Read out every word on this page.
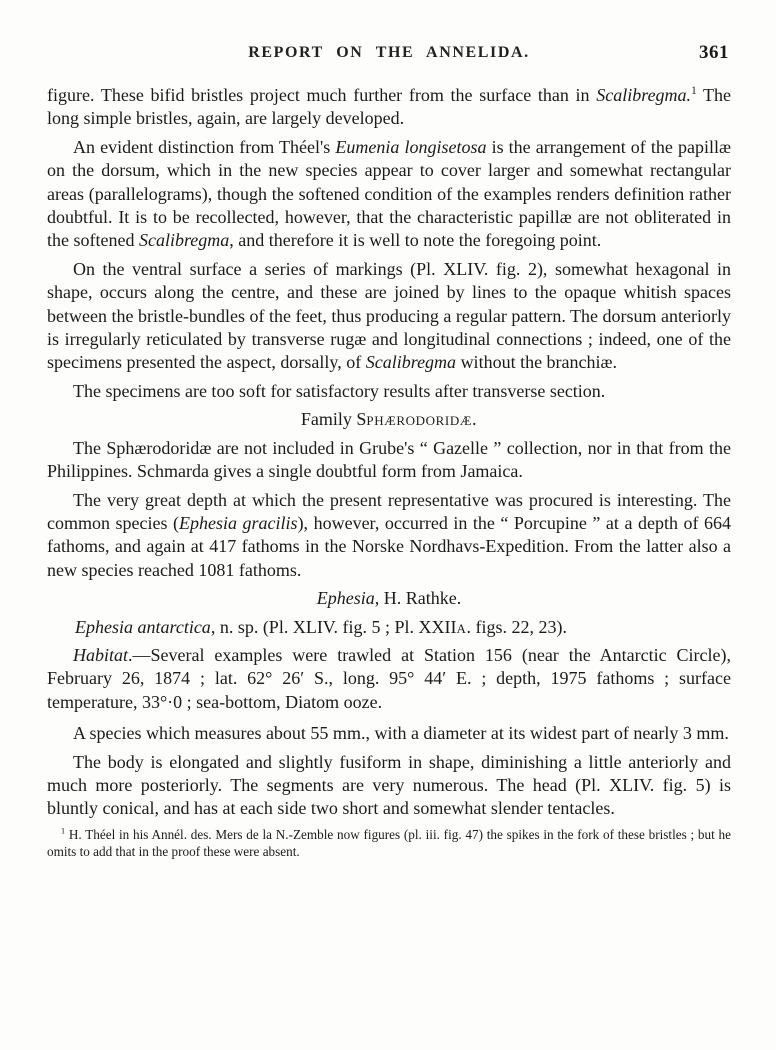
REPORT ON THE ANNELIDA.	361

figure. These bifid bristles project much further from the surface than in Scalibregma.$^1$ The long simple bristles, again, are largely developed.

An evident distinction from Théel's Eumenia longisetosa is the arrangement of the papillæ on the dorsum, which in the new species appear to cover larger and somewhat rectangular areas (parallelograms), though the softened condition of the examples renders definition rather doubtful. It is to be recollected, however, that the characteristic papillæ are not obliterated in the softened Scalibregma, and therefore it is well to note the foregoing point.

On the ventral surface a series of markings (Pl. XLIV. fig. 2), somewhat hexagonal in shape, occurs along the centre, and these are joined by lines to the opaque whitish spaces between the bristle-bundles of the feet, thus producing a regular pattern. The dorsum anteriorly is irregularly reticulated by transverse rugæ and longitudinal connections ; indeed, one of the specimens presented the aspect, dorsally, of Scalibregma without the branchiæ.

The specimens are too soft for satisfactory results after transverse section.

Family Sphærodoridæ.

The Sphærodoridæ are not included in Grube's “ Gazelle ” collection, nor in that from the Philippines. Schmarda gives a single doubtful form from Jamaica.

The very great depth at which the present representative was procured is interesting. The common species (Ephesia gracilis), however, occurred in the “ Porcupine ” at a depth of 664 fathoms, and again at 417 fathoms in the Norske Nordhavs-Expedition. From the latter also a new species reached 1081 fathoms.

Ephesia, H. Rathke.

Ephesia antarctica, n. sp. (Pl. XLIV. fig. 5 ; Pl. XXIIa. figs. 22, 23).

Habitat.—Several examples were trawled at Station 156 (near the Antarctic Circle), February 26, 1874 ; lat. 62° 26′ S., long. 95° 44′ E. ; depth, 1975 fathoms ; surface temperature, 33°·0 ; sea-bottom, Diatom ooze.

A species which measures about 55 mm., with a diameter at its widest part of nearly 3 mm.

The body is elongated and slightly fusiform in shape, diminishing a little anteriorly and much more posteriorly. The segments are very numerous. The head (Pl. XLIV. fig. 5) is bluntly conical, and has at each side two short and somewhat slender tentacles.

$^1$ H. Théel in his Annél. des. Mers de la N.-Zemble now figures (pl. iii. fig. 47) the spikes in the fork of these bristles ; but he omits to add that in the proof these were absent.
